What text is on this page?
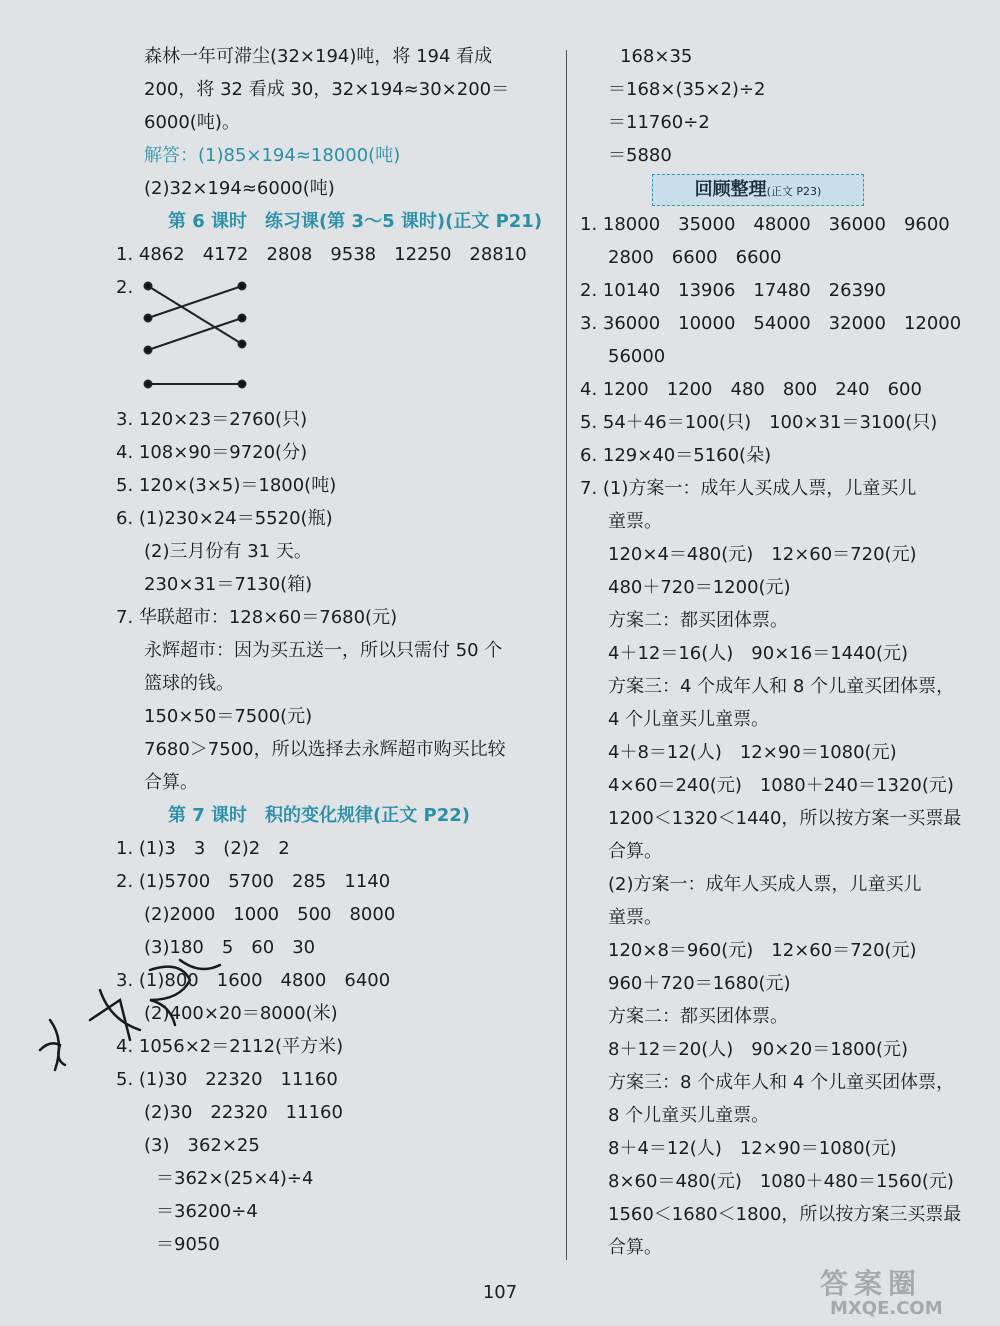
森林一年可滞尘(32×194)吨，将 194 看成
200，将 32 看成 30，32×194≈30×200＝
6000(吨)。
解答：(1)85×194≈18000(吨)
(2)32×194≈6000(吨)
第 6 课时　练习课(第 3～5 课时)(正文 P21)
1. 4862　4172　2808　9538　12250　28810
2.
3. 120×23＝2760(只)
4. 108×90＝9720(分)
5. 120×(3×5)＝1800(吨)
6. (1)230×24＝5520(瓶)
(2)三月份有 31 天。
230×31＝7130(箱)
7. 华联超市：128×60＝7680(元)
永辉超市：因为买五送一，所以只需付 50 个
篮球的钱。
150×50＝7500(元)
7680＞7500，所以选择去永辉超市购买比较
合算。
第 7 课时　积的变化规律(正文 P22)
1. (1)3　3　(2)2　2
2. (1)5700　5700　285　1140
(2)2000　1000　500　8000
(3)180　5　60　30
3. (1)800　1600　4800　6400
(2)400×20＝8000(米)
4. 1056×2＝2112(平方米)
5. (1)30　22320　11160
(2)30　22320　11160
(3)　362×25
＝362×(25×4)÷4
＝36200÷4
＝9050
168×35
＝168×(35×2)÷2
＝11760÷2
＝5880
回顾整理(正文 P23)
1. 18000　35000　48000　36000　9600
2800　6600　6600
2. 10140　13906　17480　26390
3. 36000　10000　54000　32000　12000
56000
4. 1200　1200　480　800　240　600
5. 54＋46＝100(只)　100×31＝3100(只)
6. 129×40＝5160(朵)
7. (1)方案一：成年人买成人票，儿童买儿
童票。
120×4＝480(元)　12×60＝720(元)
480＋720＝1200(元)
方案二：都买团体票。
4＋12＝16(人)　90×16＝1440(元)
方案三：4 个成年人和 8 个儿童买团体票，
4 个儿童买儿童票。
4＋8＝12(人)　12×90＝1080(元)
4×60＝240(元)　1080＋240＝1320(元)
1200＜1320＜1440，所以按方案一买票最
合算。
(2)方案一：成年人买成人票，儿童买儿
童票。
120×8＝960(元)　12×60＝720(元)
960＋720＝1680(元)
方案二：都买团体票。
8＋12＝20(人)　90×20＝1800(元)
方案三：8 个成年人和 4 个儿童买团体票，
8 个儿童买儿童票。
8＋4＝12(人)　12×90＝1080(元)
8×60＝480(元)　1080＋480＝1560(元)
1560＜1680＜1800，所以按方案三买票最
合算。
107	答案圈
MXQE.COM
